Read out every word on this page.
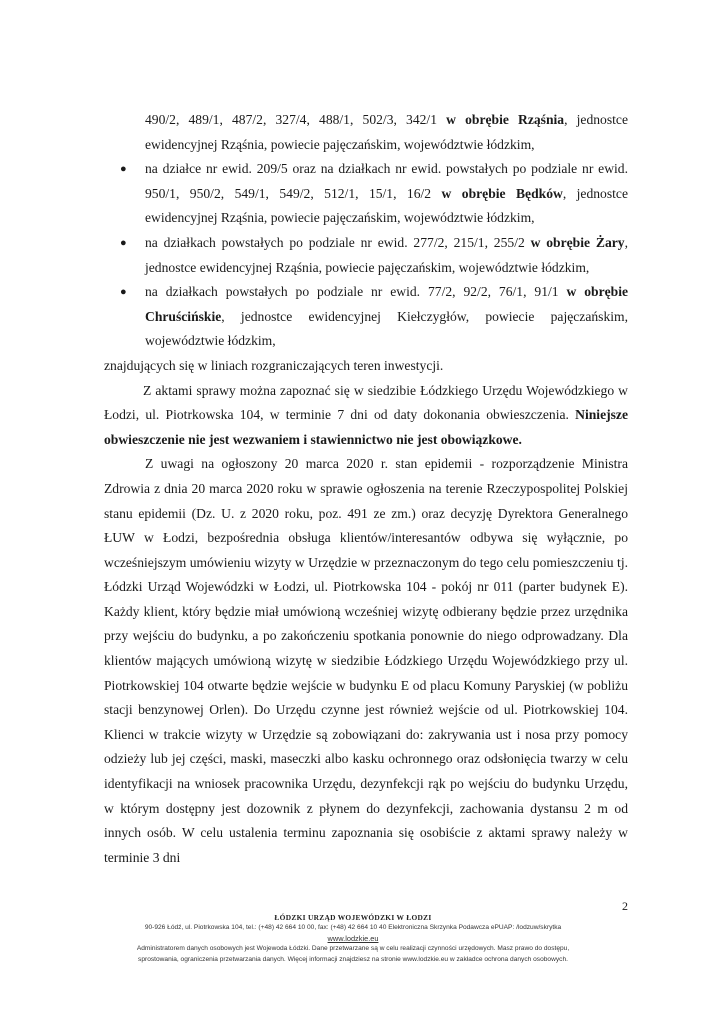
490/2, 489/1, 487/2, 327/4, 488/1, 502/3, 342/1 w obrębie Rząśnia, jednostce
ewidencyjnej Rząśnia, powiecie pajęczańskim, województwie łódzkim,
● na działce nr ewid. 209/5 oraz na działkach nr ewid. powstałych po podziale nr ewid. 950/1, 950/2, 549/1, 549/2, 512/1, 15/1, 16/2 w obrębie Będków, jednostce ewidencyjnej Rząśnia, powiecie pajęczańskim, województwie łódzkim,
● na działkach powstałych po podziale nr ewid. 277/2, 215/1, 255/2 w obrębie Żary, jednostce ewidencyjnej Rząśnia, powiecie pajęczańskim, województwie łódzkim,
● na działkach powstałych po podziale nr ewid. 77/2, 92/2, 76/1, 91/1 w obrębie Chruścińskie, jednostce ewidencyjnej Kiełczygłów, powiecie pajęczańskim, województwie łódzkim,

znajdujących się w liniach rozgraniczających teren inwestycji.

Z aktami sprawy można zapoznać się w siedzibie Łódzkiego Urzędu Wojewódzkiego w Łodzi, ul. Piotrkowska 104, w terminie 7 dni od daty dokonania obwieszczenia. Niniejsze obwieszczenie nie jest wezwaniem i stawiennictwo nie jest obowiązkowe.

Z uwagi na ogłoszony 20 marca 2020 r. stan epidemii - rozporządzenie Ministra Zdrowia z dnia 20 marca 2020 roku w sprawie ogłoszenia na terenie Rzeczypospolitej Polskiej stanu epidemii (Dz. U. z 2020 roku, poz. 491 ze zm.) oraz decyzję Dyrektora Generalnego ŁUW w Łodzi, bezpośrednia obsługa klientów/interesantów odbywa się wyłącznie, po wcześniejszym umówieniu wizyty w Urzędzie w przeznaczonym do tego celu pomieszczeniu tj. Łódzki Urząd Wojewódzki w Łodzi, ul. Piotrkowska 104 - pokój nr 011 (parter budynek E). Każdy klient, który będzie miał umówioną wcześniej wizytę odbierany będzie przez urzędnika przy wejściu do budynku, a po zakończeniu spotkania ponownie do niego odprowadzany. Dla klientów mających umówioną wizytę w siedzibie Łódzkiego Urzędu Wojewódzkiego przy ul. Piotrkowskiej 104 otwarte będzie wejście w budynku E od placu Komuny Paryskiej (w pobliżu stacji benzynowej Orlen). Do Urzędu czynne jest również wejście od ul. Piotrkowskiej 104. Klienci w trakcie wizyty w Urzędzie są zobowiązani do: zakrywania ust i nosa przy pomocy odzieży lub jej części, maski, maseczki albo kasku ochronnego oraz odsłonięcia twarzy w celu identyfikacji na wniosek pracownika Urzędu, dezynfekcji rąk po wejściu do budynku Urzędu, w którym dostępny jest dozownik z płynem do dezynfekcji, zachowania dystansu 2 m od innych osób. W celu ustalenia terminu zapoznania się osobiście z aktami sprawy należy w terminie 3 dni

2
ŁÓDZKI URZĄD WOJEWÓDZKI W ŁODZI
90-926 Łódź, ul. Piotrkowska 104, tel.: (+48) 42 664 10 00, fax: (+48) 42 664 10 40 Elektroniczna Skrzynka Podawcza ePUAP: /lodzuw/skrytka
www.lodzkie.eu
Administratorem danych osobowych jest Wojewoda Łódzki. Dane przetwarzane są w celu realizacji czynności urzędowych. Masz prawo do dostępu,
sprostowania, ograniczenia przetwarzania danych. Więcej informacji znajdziesz na stronie www.lodzkie.eu w zakładce ochrona danych osobowych.
